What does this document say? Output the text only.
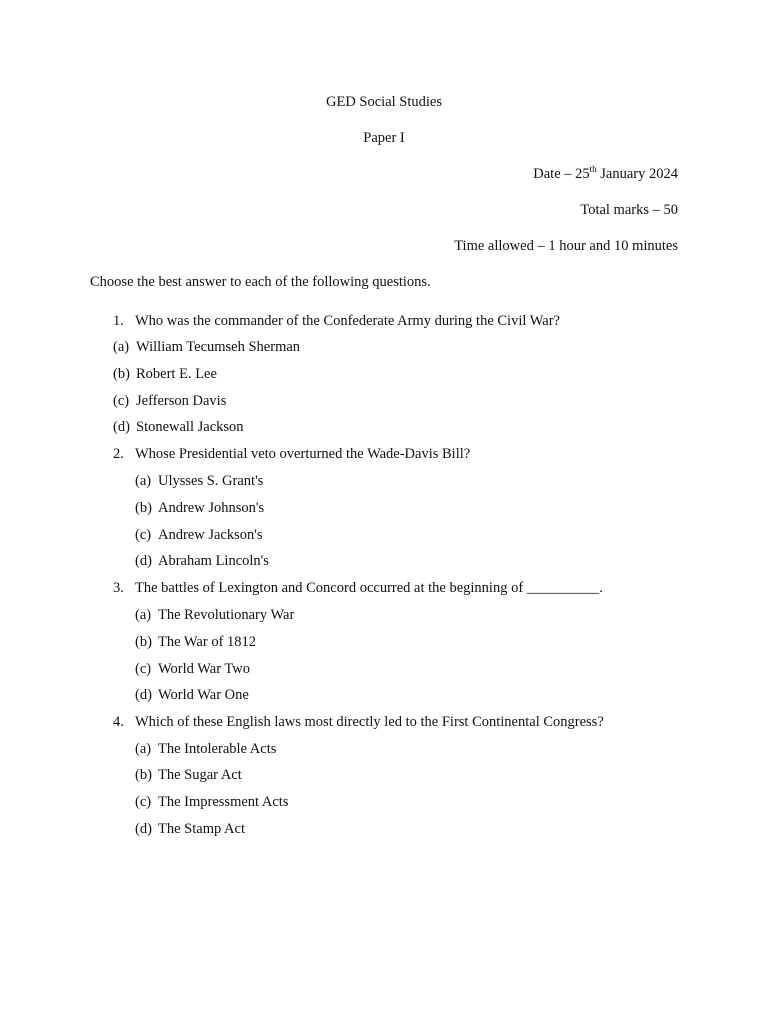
GED Social Studies
Paper I
Date – 25th January 2024
Total marks – 50
Time allowed – 1 hour and 10 minutes
Choose the best answer to each of the following questions.
1. Who was the commander of the Confederate Army during the Civil War?
(a) William Tecumseh Sherman
(b) Robert E. Lee
(c) Jefferson Davis
(d) Stonewall Jackson
2. Whose Presidential veto overturned the Wade-Davis Bill?
(a) Ulysses S. Grant's
(b) Andrew Johnson's
(c) Andrew Jackson's
(d) Abraham Lincoln's
3. The battles of Lexington and Concord occurred at the beginning of __________.
(a) The Revolutionary War
(b) The War of 1812
(c) World War Two
(d) World War One
4. Which of these English laws most directly led to the First Continental Congress?
(a) The Intolerable Acts
(b) The Sugar Act
(c) The Impressment Acts
(d) The Stamp Act
